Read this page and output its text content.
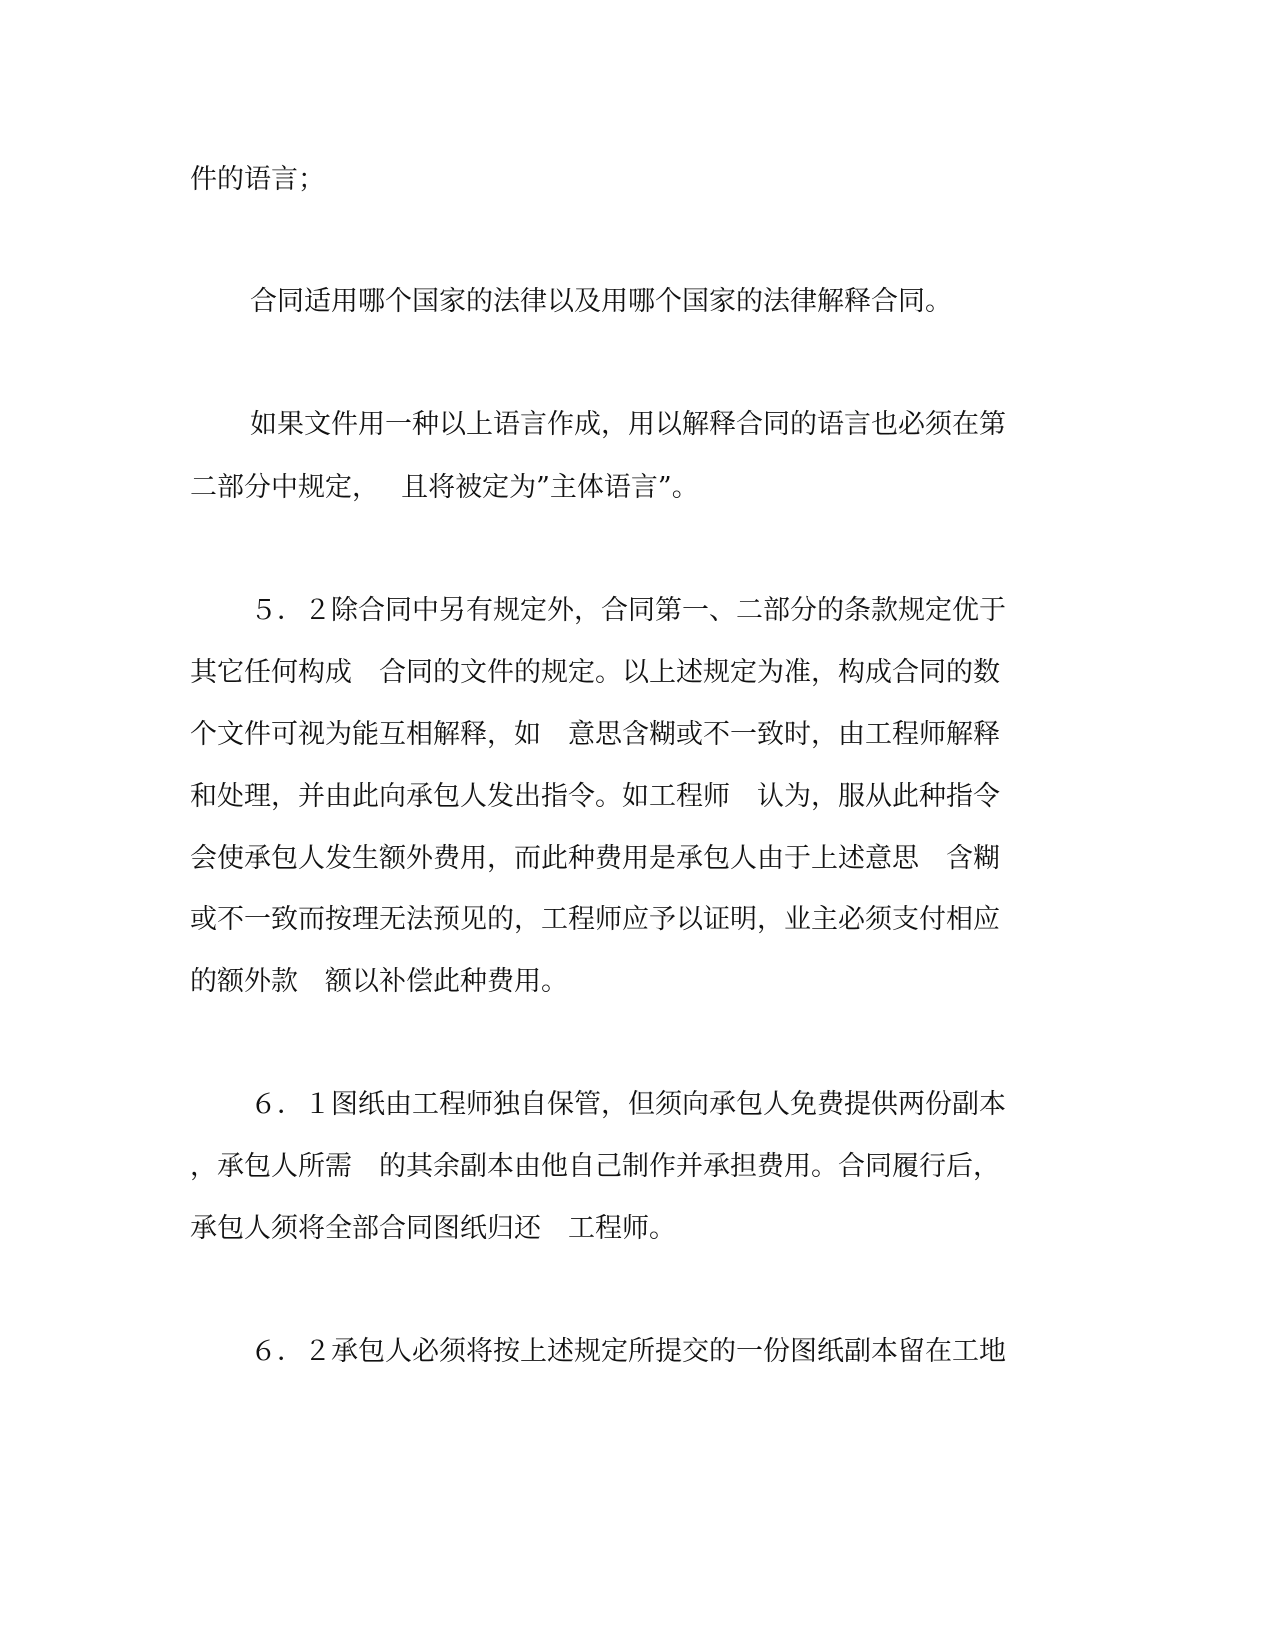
件的语言；

合同适用哪个国家的法律以及用哪个国家的法律解释合同。

如果文件用一种以上语言作成，用以解释合同的语言也必须在第

二部分中规定，　 且将被定为”主体语言”。

５．２除合同中另有规定外，合同第一、二部分的条款规定优于

其它任何构成　合同的文件的规定。以上述规定为准，构成合同的数

个文件可视为能互相解释，如　意思含糊或不一致时，由工程师解释

和处理，并由此向承包人发出指令。如工程师　认为，服从此种指令

会使承包人发生额外费用，而此种费用是承包人由于上述意思　含糊

或不一致而按理无法预见的，工程师应予以证明，业主必须支付相应

的额外款　额以补偿此种费用。

６．１图纸由工程师独自保管，但须向承包人免费提供两份副本

，承包人所需　的其余副本由他自己制作并承担费用。合同履行后，

承包人须将全部合同图纸归还　工程师。

６．２承包人必须将按上述规定所提交的一份图纸副本留在工地
